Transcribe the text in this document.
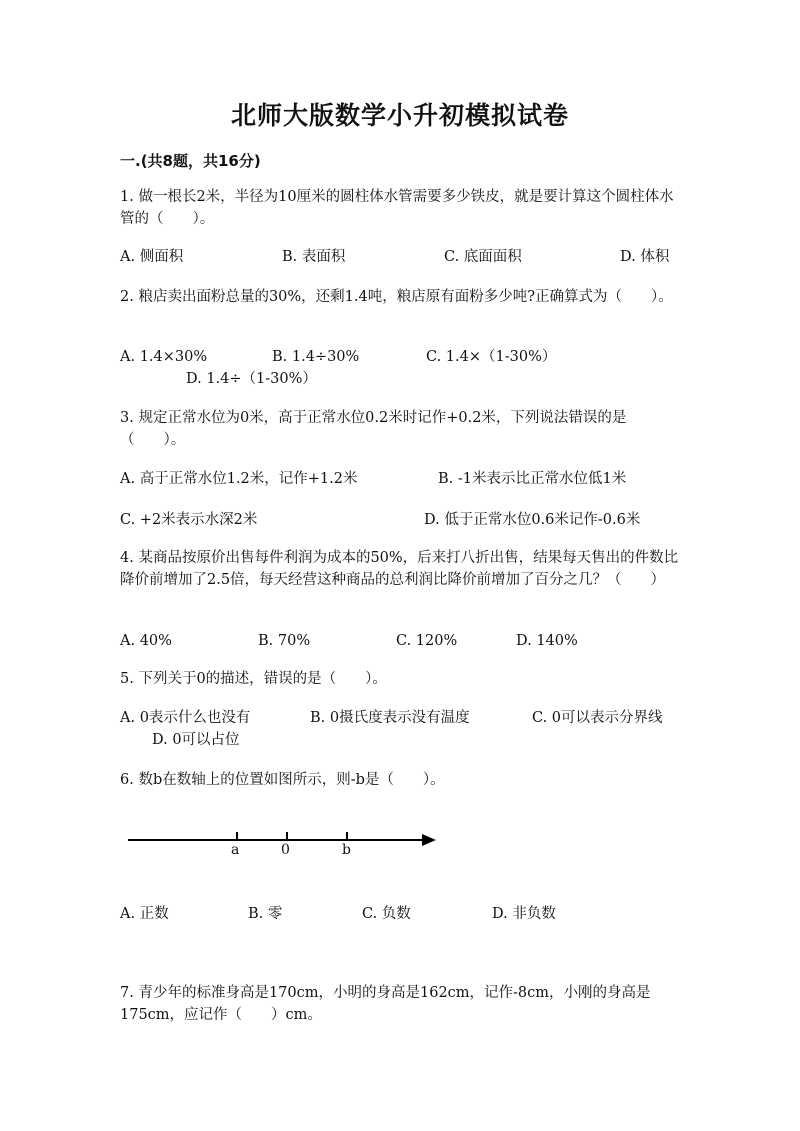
北师大版数学小升初模拟试卷
一.(共8题，共16分)
1. 做一根长2米，半径为10厘米的圆柱体水管需要多少铁皮，就是要计算这个圆柱体水管的（　　）。
A. 侧面积	B. 表面积	C. 底面面积	D. 体积
2. 粮店卖出面粉总量的30%，还剩1.4吨，粮店原有面粉多少吨?正确算式为（　　）。
A. 1.4×30%	B. 1.4÷30%	C. 1.4×（1-30%）
D. 1.4÷（1-30%）
3. 规定正常水位为0米，高于正常水位0.2米时记作+0.2米，下列说法错误的是（　　）。
A. 高于正常水位1.2米，记作+1.2米	B. -1米表示比正常水位低1米
C. +2米表示水深2米	D. 低于正常水位0.6米记作-0.6米
4. 某商品按原价出售每件利润为成本的50%，后来打八折出售，结果每天售出的件数比降价前增加了2.5倍，每天经营这种商品的总利润比降价前增加了百分之几？（　　）
A. 40%	B. 70%	C. 120%	D. 140%
5. 下列关于0的描述，错误的是（　　）。
A. 0表示什么也没有	B. 0摄氏度表示没有温度	C. 0可以表示分界线
D. 0可以占位
6. 数b在数轴上的位置如图所示，则-b是（　　）。
a	0	b
A. 正数	B. 零	C. 负数	D. 非负数
7. 青少年的标准身高是170cm，小明的身高是162cm，记作-8cm，小刚的身高是175cm，应记作（　　）cm。
